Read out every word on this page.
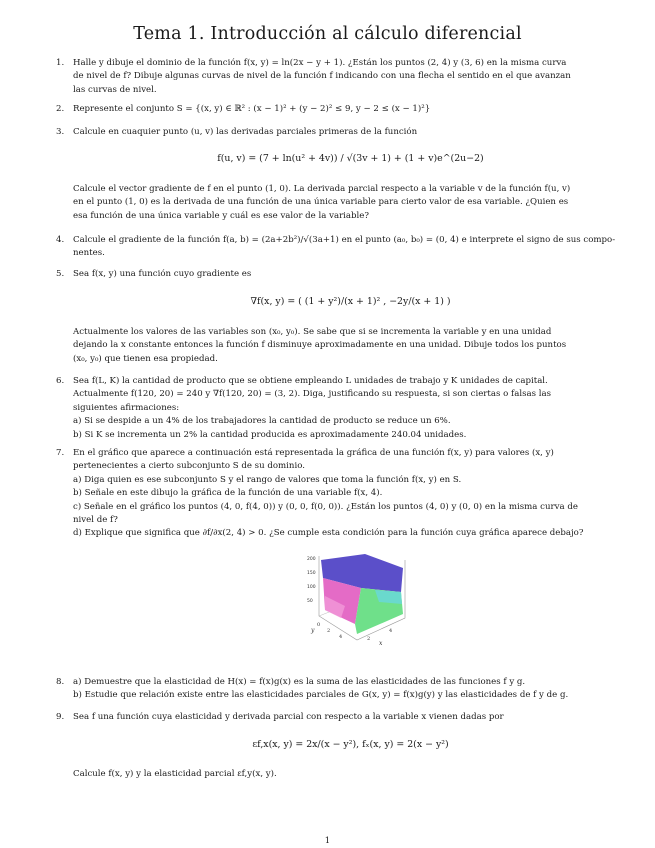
Tema 1. Introducción al cálculo diferencial
1. Halle y dibuje el dominio de la función f(x, y) = ln(2x − y + 1). ¿Están los puntos (2, 4) y (3, 6) en la misma curva

de nivel de f? Dibuje algunas curvas de nivel de la función f indicando con una flecha el sentido en el que avanzan

las curvas de nivel.

2. Represente el conjunto S = {(x, y) ∈ ℝ² : (x − 1)² + (y − 2)² ≤ 9, y − 2 ≤ (x − 1)²}

3. Calcule en cuaquier punto (u, v) las derivadas parciales primeras de la función

f(u, v) = (7 + ln(u² + 4v)) / √(3v + 1) + (1 + v)e^(2u−2)

Calcule el vector gradiente de f en el punto (1, 0). La derivada parcial respecto a la variable v de la función f(u, v)

en el punto (1, 0) es la derivada de una función de una única variable para cierto valor de esa variable. ¿Quien es

esa función de una única variable y cuál es ese valor de la variable?

4. Calcule el gradiente de la función f(a, b) = (2a+2b²)/√(3a+1) en el punto (a₀, b₀) = (0, 4) e interprete el signo de sus compo-

nentes.

5. Sea f(x, y) una función cuyo gradiente es

∇f(x, y) = ( (1 + y²)/(x + 1)² , −2y/(x + 1) )

Actualmente los valores de las variables son (x₀, y₀). Se sabe que si se incrementa la variable y en una unidad

dejando la x constante entonces la función f disminuye aproximadamente en una unidad. Dibuje todos los puntos

(x₀, y₀) que tienen esa propiedad.

6. Sea f(L, K) la cantidad de producto que se obtiene empleando L unidades de trabajo y K unidades de capital.

Actualmente f(120, 20) = 240 y ∇f(120, 20) = (3, 2). Diga, justificando su respuesta, si son ciertas o falsas las

siguientes afirmaciones:

a) Si se despide a un 4% de los trabajadores la cantidad de producto se reduce un 6%.

b) Si K se incrementa un 2% la cantidad producida es aproximadamente 240.04 unidades.

7. En el gráfico que aparece a continuación está representada la gráfica de una función f(x, y) para valores (x, y)

pertenecientes a cierto subconjunto S de su dominio.

a) Diga quien es ese subconjunto S y el rango de valores que toma la función f(x, y) en S.

b) Señale en este dibujo la gráfica de la función de una variable f(x, 4).

c) Señale en el gráfico los puntos (4, 0, f(4, 0)) y (0, 0, f(0, 0)). ¿Están los puntos (4, 0) y (0, 0) en la misma curva de

nivel de f?

d) Explique que significa que ∂f/∂x(2, 4) > 0. ¿Se cumple esta condición para la función cuya gráfica aparece debajo?

200
150
100
50
0
2
4	2
4
y
x
8. a) Demuestre que la elasticidad de H(x) = f(x)g(x) es la suma de las elasticidades de las funciones f y g.

b) Estudie que relación existe entre las elasticidades parciales de G(x, y) = f(x)g(y) y las elasticidades de f y de g.

9. Sea f una función cuya elasticidad y derivada parcial con respecto a la variable x vienen dadas por

εf,x(x, y) = 2x/(x − y²), fₓ(x, y) = 2(x − y²)

Calcule f(x, y) y la elasticidad parcial εf,y(x, y).

1
